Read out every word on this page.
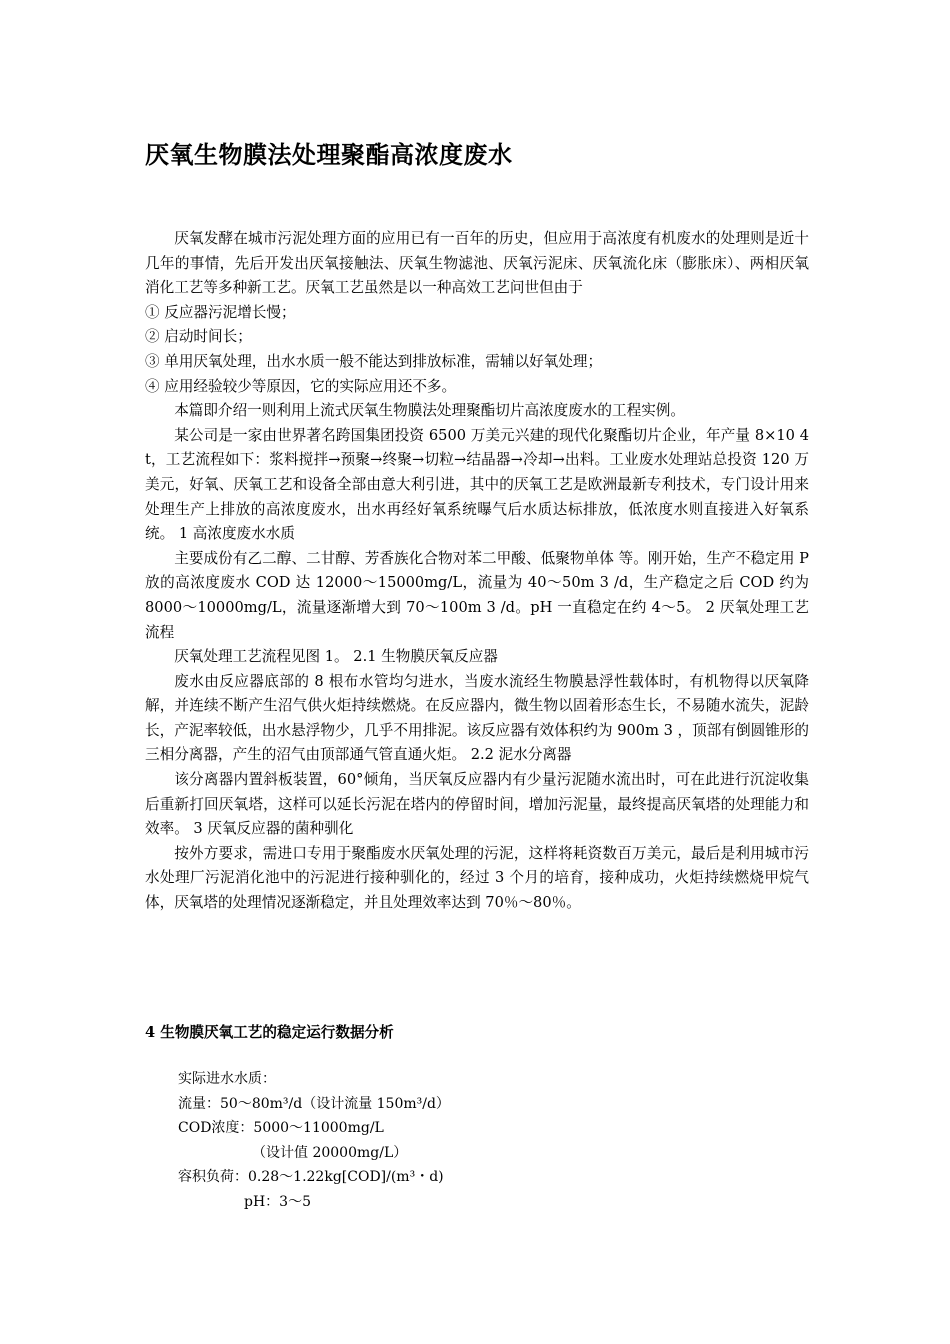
厌氧生物膜法处理聚酯高浓度废水

厌氧发酵在城市污泥处理方面的应用已有一百年的历史，但应用于高浓度有机废水的处理则是近十几年的事情，先后开发出厌氧接触法、厌氧生物滤池、厌氧污泥床、厌氧流化床（膨胀床）、两相厌氧消化工艺等多种新工艺。厌氧工艺虽然是以一种高效工艺问世但由于

① 反应器污泥增长慢；

② 启动时间长；

③ 单用厌氧处理，出水水质一般不能达到排放标准，需辅以好氧处理；

④ 应用经验较少等原因，它的实际应用还不多。

本篇即介绍一则利用上流式厌氧生物膜法处理聚酯切片高浓度废水的工程实例。

某公司是一家由世界著名跨国集团投资 6500 万美元兴建的现代化聚酯切片企业，年产量 8×10 4 t，工艺流程如下：浆料搅拌→预聚→终聚→切粒→结晶器→冷却→出料。工业废水处理站总投资 120 万美元，好氧、厌氧工艺和设备全部由意大利引进，其中的厌氧工艺是欧洲最新专利技术，专门设计用来处理生产上排放的高浓度废水，出水再经好氧系统曝气后水质达标排放，低浓度水则直接进入好氧系统。 1 高浓度废水水质

主要成份有乙二醇、二甘醇、芳香族化合物对苯二甲酸、低聚物单体 等。刚开始，生产不稳定用 P 放的高浓度废水 COD 达 12000～15000mg/L，流量为 40～50m 3 /d，生产稳定之后 COD 约为 8000～10000mg/L，流量逐渐增大到 70～100m 3 /d。pH 一直稳定在约 4～5。 2 厌氧处理工艺流程

厌氧处理工艺流程见图 1。 2.1 生物膜厌氧反应器

废水由反应器底部的 8 根布水管均匀进水，当废水流经生物膜悬浮性载体时，有机物得以厌氧降解，并连续不断产生沼气供火炬持续燃烧。在反应器内，微生物以固着形态生长，不易随水流失，泥龄长，产泥率较低，出水悬浮物少，几乎不用排泥。该反应器有效体积约为 900m 3 ，顶部有倒圆锥形的三相分离器，产生的沼气由顶部通气管直通火炬。 2.2 泥水分离器

该分离器内置斜板装置，60°倾角，当厌氧反应器内有少量污泥随水流出时，可在此进行沉淀收集后重新打回厌氧塔，这样可以延长污泥在塔内的停留时间，增加污泥量，最终提高厌氧塔的处理能力和效率。 3 厌氧反应器的菌种驯化

按外方要求，需进口专用于聚酯废水厌氧处理的污泥，这样将耗资数百万美元，最后是利用城市污水处理厂污泥消化池中的污泥进行接种驯化的，经过 3 个月的培育，接种成功，火炬持续燃烧甲烷气体，厌氧塔的处理情况逐渐稳定，并且处理效率达到 70％～80％。

4 生物膜厌氧工艺的稳定运行数据分析

实际进水水质：

流量：50～80m³/d（设计流量 150m³/d）

COD浓度：5000～11000mg/L

（设计值 20000mg/L）

容积负荷：0.28～1.22kg[COD]/(m³・d)

pH：3～5
